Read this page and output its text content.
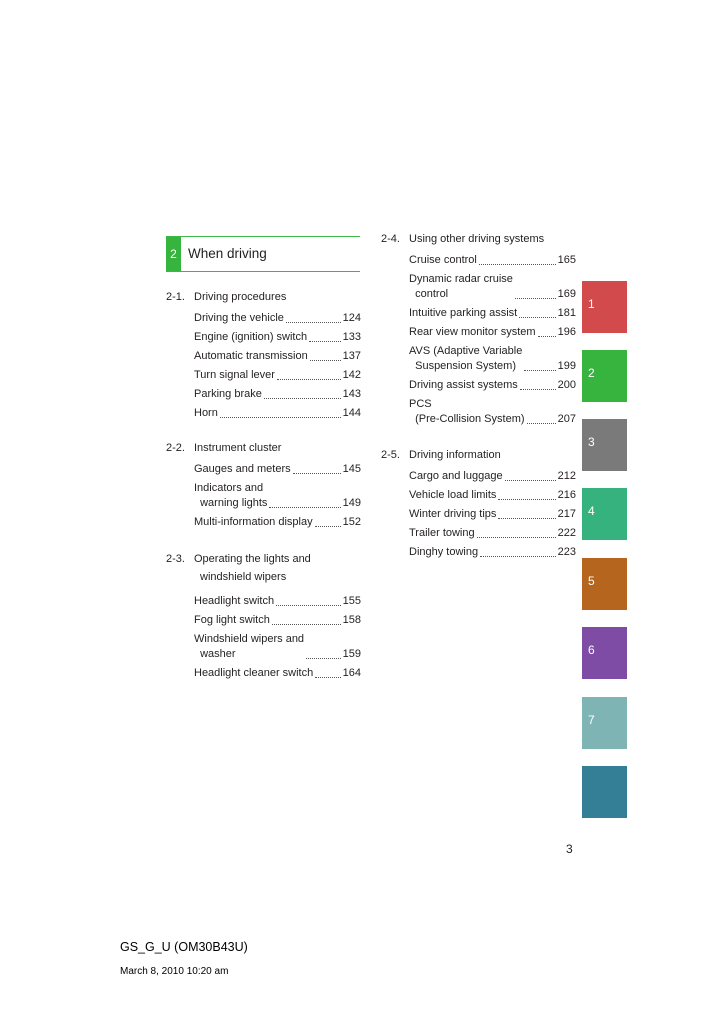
2 When driving
2-1. Driving procedures
Driving the vehicle	124
Engine (ignition) switch	133
Automatic transmission	137
Turn signal lever	142
Parking brake	143
Horn	144
2-2. Instrument cluster
Gauges and meters	145
Indicators and
warning lights	149
Multi-information display	152
2-3. Operating the lights and windshield wipers
Headlight switch	155
Fog light switch	158
Windshield wipers and
washer	159
Headlight cleaner switch	164
2-4. Using other driving systems
Cruise control	165
Dynamic radar cruise
control	169
Intuitive parking assist	181
Rear view monitor system 196
AVS (Adaptive Variable
Suspension System)	199
Driving assist systems	200
PCS
(Pre-Collision System)	207
2-5. Driving information
Cargo and luggage	212
Vehicle load limits	216
Winter driving tips	217
Trailer towing	222
Dinghy towing	223
1
2
3
4
5
6
7
3
GS_G_U (OM30B43U)
March 8, 2010 10:20 am
